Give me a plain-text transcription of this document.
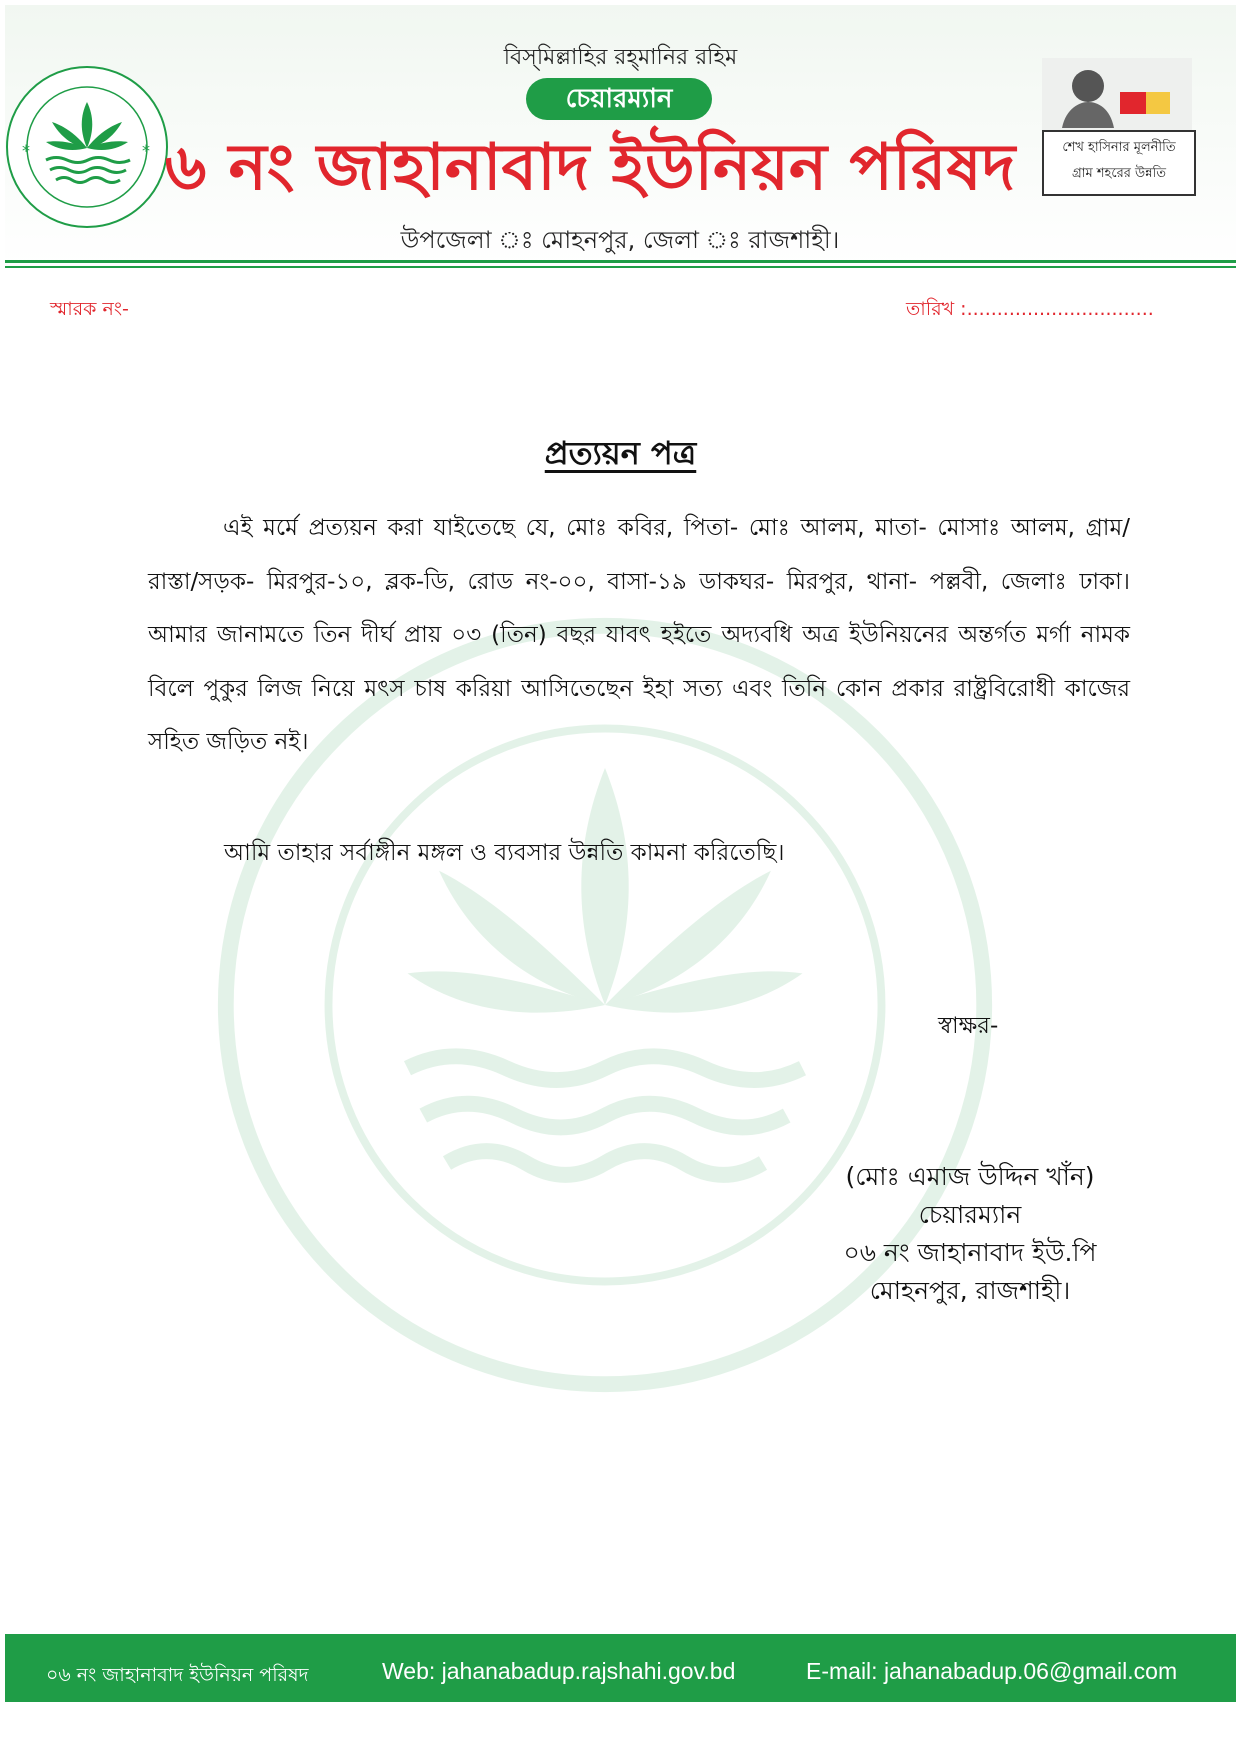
*	*
বিস্‌মিল্লাহির রহ্‌মানির রহিম
চেয়ারম্যান
৬ নং জাহানাবাদ ইউনিয়ন পরিষদ
উপজেলা ঃ মোহনপুর, জেলা ঃ রাজশাহী।
শেখ হাসিনার মূলনীতি
গ্রাম শহরের উন্নতি
স্মারক নং-	তারিখ :...............................
প্রত্যয়ন পত্র
এই মর্মে প্রত্যয়ন করা যাইতেছে যে, মোঃ কবির, পিতা- মোঃ আলম, মাতা- মোসাঃ আলম, গ্রাম/রাস্তা/সড়ক- মিরপুর-১০, ব্লক-ডি, রোড নং-০০, বাসা-১৯ ডাকঘর- মিরপুর, থানা- পল্লবী, জেলাঃ ঢাকা। আমার জানামতে তিন দীর্ঘ প্রায় ০৩ (তিন) বছর যাবৎ হইতে অদ্যবধি অত্র ইউনিয়নের অন্তর্গত মর্গা নামক বিলে পুকুর লিজ নিয়ে মৎস চাষ করিয়া আসিতেছেন ইহা সত্য এবং তিনি কোন প্রকার রাষ্ট্রবিরোধী কাজের সহিত জড়িত নই।
আমি তাহার সর্বাঙ্গীন মঙ্গল ও ব্যবসার উন্নতি কামনা করিতেছি।
স্বাক্ষর-
(মোঃ এমাজ উদ্দিন খাঁন)
চেয়ারম্যান
০৬ নং জাহানাবাদ ইউ.পি
মোহনপুর, রাজশাহী।
০৬ নং জাহানাবাদ ইউনিয়ন পরিষদ	Web: jahanabadup.rajshahi.gov.bd	E-mail: jahanabadup.06@gmail.com
